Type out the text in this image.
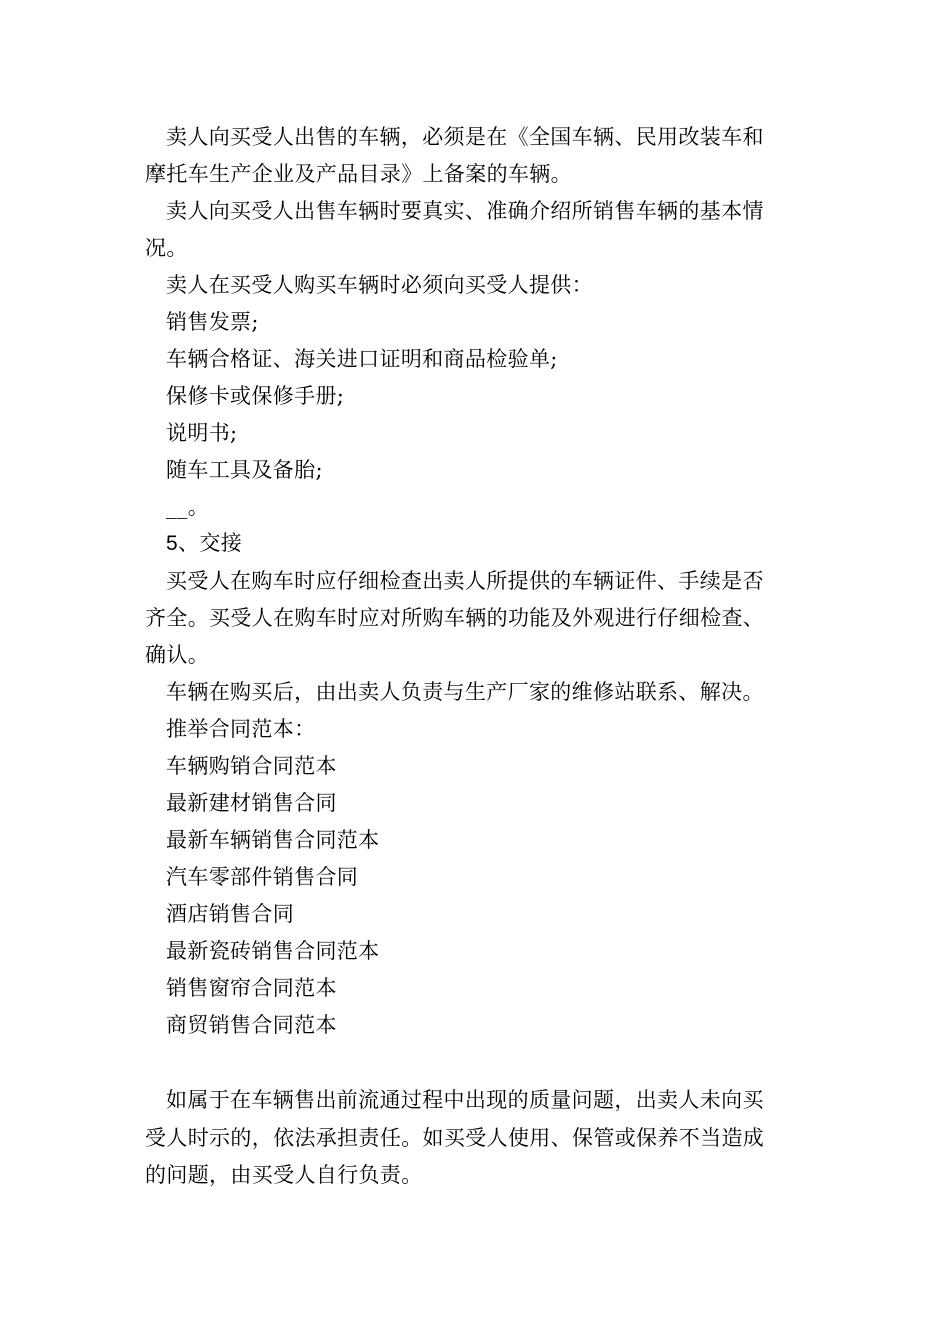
卖人向买受人出售的车辆，必须是在《全国车辆、民用改装车和
摩托车生产企业及产品目录》上备案的车辆。
卖人向买受人出售车辆时要真实、准确介绍所销售车辆的基本情
况。
卖人在买受人购买车辆时必须向买受人提供：
销售发票;
车辆合格证、海关进口证明和商品检验单;
保修卡或保修手册;
说明书;
随车工具及备胎;
__。
5、交接
买受人在购车时应仔细检查出卖人所提供的车辆证件、手续是否
齐全。买受人在购车时应对所购车辆的功能及外观进行仔细检查、
确认。
车辆在购买后，由出卖人负责与生产厂家的维修站联系、解决。
推举合同范本：
车辆购销合同范本
最新建材销售合同
最新车辆销售合同范本
汽车零部件销售合同
酒店销售合同
最新瓷砖销售合同范本
销售窗帘合同范本
商贸销售合同范本
如属于在车辆售出前流通过程中出现的质量问题，出卖人未向买
受人时示的，依法承担责任。如买受人使用、保管或保养不当造成
的问题，由买受人自行负责。
